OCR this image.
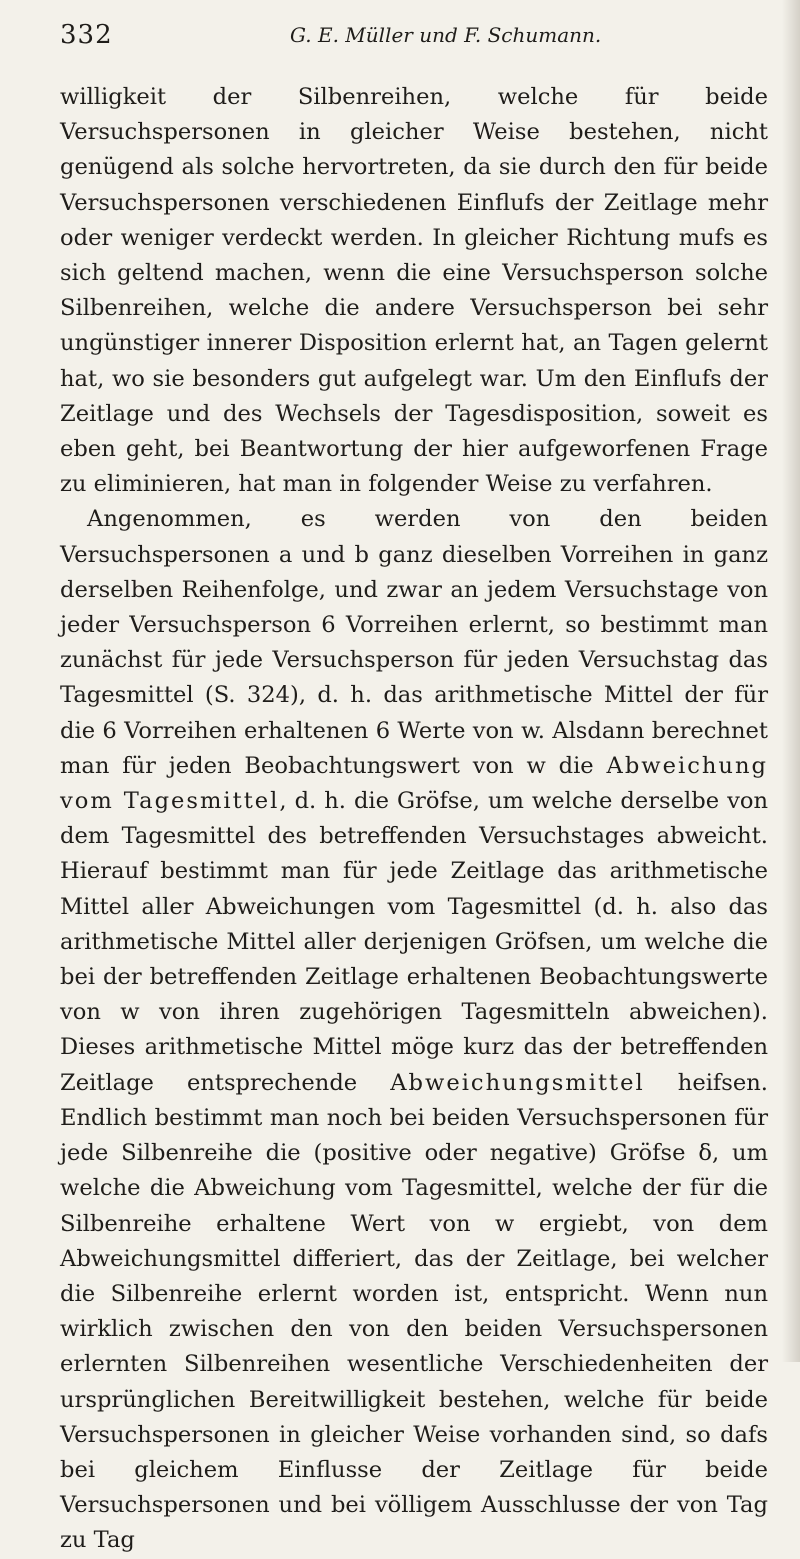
332	G. E. Müller und F. Schumann.

willigkeit der Silbenreihen, welche für beide Versuchspersonen in gleicher Weise bestehen, nicht genügend als solche hervortreten, da sie durch den für beide Versuchspersonen verschiedenen Einflufs der Zeitlage mehr oder weniger verdeckt werden. In gleicher Richtung mufs es sich geltend machen, wenn die eine Versuchsperson solche Silbenreihen, welche die andere Versuchsperson bei sehr ungünstiger innerer Disposition erlernt hat, an Tagen gelernt hat, wo sie besonders gut aufgelegt war. Um den Einflufs der Zeitlage und des Wechsels der Tagesdisposition, soweit es eben geht, bei Beantwortung der hier aufgeworfenen Frage zu eliminieren, hat man in folgender Weise zu verfahren.

Angenommen, es werden von den beiden Versuchspersonen a und b ganz dieselben Vorreihen in ganz derselben Reihenfolge, und zwar an jedem Versuchstage von jeder Versuchsperson 6 Vorreihen erlernt, so bestimmt man zunächst für jede Versuchsperson für jeden Versuchstag das Tagesmittel (S. 324), d. h. das arithmetische Mittel der für die 6 Vorreihen erhaltenen 6 Werte von w. Alsdann berechnet man für jeden Beobachtungswert von w die Abweichung vom Tagesmittel, d. h. die Gröfse, um welche derselbe von dem Tagesmittel des betreffenden Versuchstages abweicht. Hierauf bestimmt man für jede Zeitlage das arithmetische Mittel aller Abweichungen vom Tagesmittel (d. h. also das arithmetische Mittel aller derjenigen Gröfsen, um welche die bei der betreffenden Zeitlage erhaltenen Beobachtungswerte von w von ihren zugehörigen Tagesmitteln abweichen). Dieses arithmetische Mittel möge kurz das der betreffenden Zeitlage entsprechende Abweichungsmittel heifsen. Endlich bestimmt man noch bei beiden Versuchspersonen für jede Silbenreihe die (positive oder negative) Gröfse δ, um welche die Abweichung vom Tagesmittel, welche der für die Silbenreihe erhaltene Wert von w ergiebt, von dem Abweichungsmittel differiert, das der Zeitlage, bei welcher die Silbenreihe erlernt worden ist, entspricht. Wenn nun wirklich zwischen den von den beiden Versuchspersonen erlernten Silbenreihen wesentliche Verschiedenheiten der ursprünglichen Bereitwilligkeit bestehen, welche für beide Versuchspersonen in gleicher Weise vorhanden sind, so dafs bei gleichem Einflusse der Zeitlage für beide Versuchspersonen und bei völligem Ausschlusse der von Tag zu Tag
